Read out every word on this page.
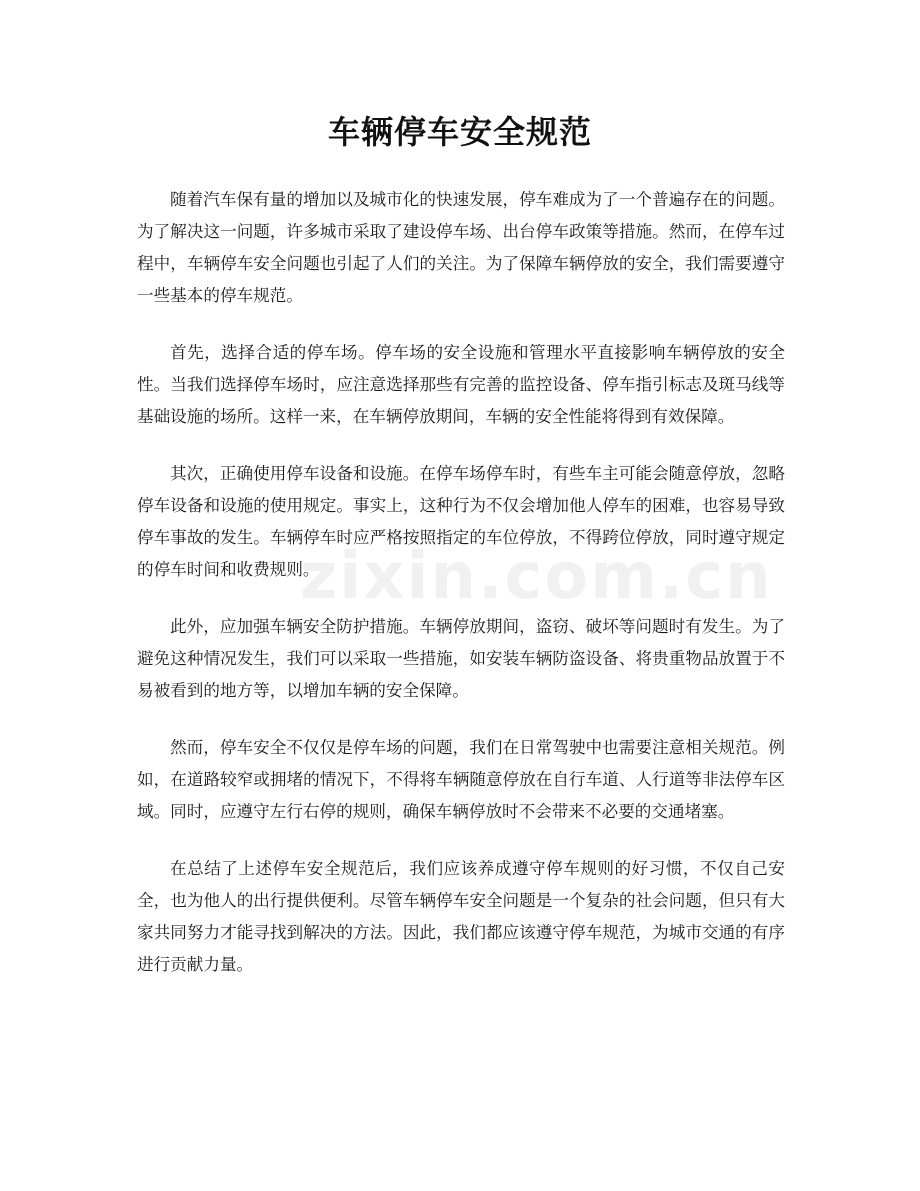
车辆停车安全规范

随着汽车保有量的增加以及城市化的快速发展，停车难成为了一个普遍存在的问题。为了解决这一问题，许多城市采取了建设停车场、出台停车政策等措施。然而，在停车过程中，车辆停车安全问题也引起了人们的关注。为了保障车辆停放的安全，我们需要遵守一些基本的停车规范。

首先，选择合适的停车场。停车场的安全设施和管理水平直接影响车辆停放的安全性。当我们选择停车场时，应注意选择那些有完善的监控设备、停车指引标志及斑马线等基础设施的场所。这样一来，在车辆停放期间，车辆的安全性能将得到有效保障。

其次，正确使用停车设备和设施。在停车场停车时，有些车主可能会随意停放，忽略停车设备和设施的使用规定。事实上，这种行为不仅会增加他人停车的困难，也容易导致停车事故的发生。车辆停车时应严格按照指定的车位停放，不得跨位停放，同时遵守规定的停车时间和收费规则。

此外，应加强车辆安全防护措施。车辆停放期间，盗窃、破坏等问题时有发生。为了避免这种情况发生，我们可以采取一些措施，如安装车辆防盗设备、将贵重物品放置于不易被看到的地方等，以增加车辆的安全保障。

然而，停车安全不仅仅是停车场的问题，我们在日常驾驶中也需要注意相关规范。例如，在道路较窄或拥堵的情况下，不得将车辆随意停放在自行车道、人行道等非法停车区域。同时，应遵守左行右停的规则，确保车辆停放时不会带来不必要的交通堵塞。

在总结了上述停车安全规范后，我们应该养成遵守停车规则的好习惯，不仅自己安全，也为他人的出行提供便利。尽管车辆停车安全问题是一个复杂的社会问题，但只有大家共同努力才能寻找到解决的方法。因此，我们都应该遵守停车规范，为城市交通的有序进行贡献力量。

zixin.com.cn
